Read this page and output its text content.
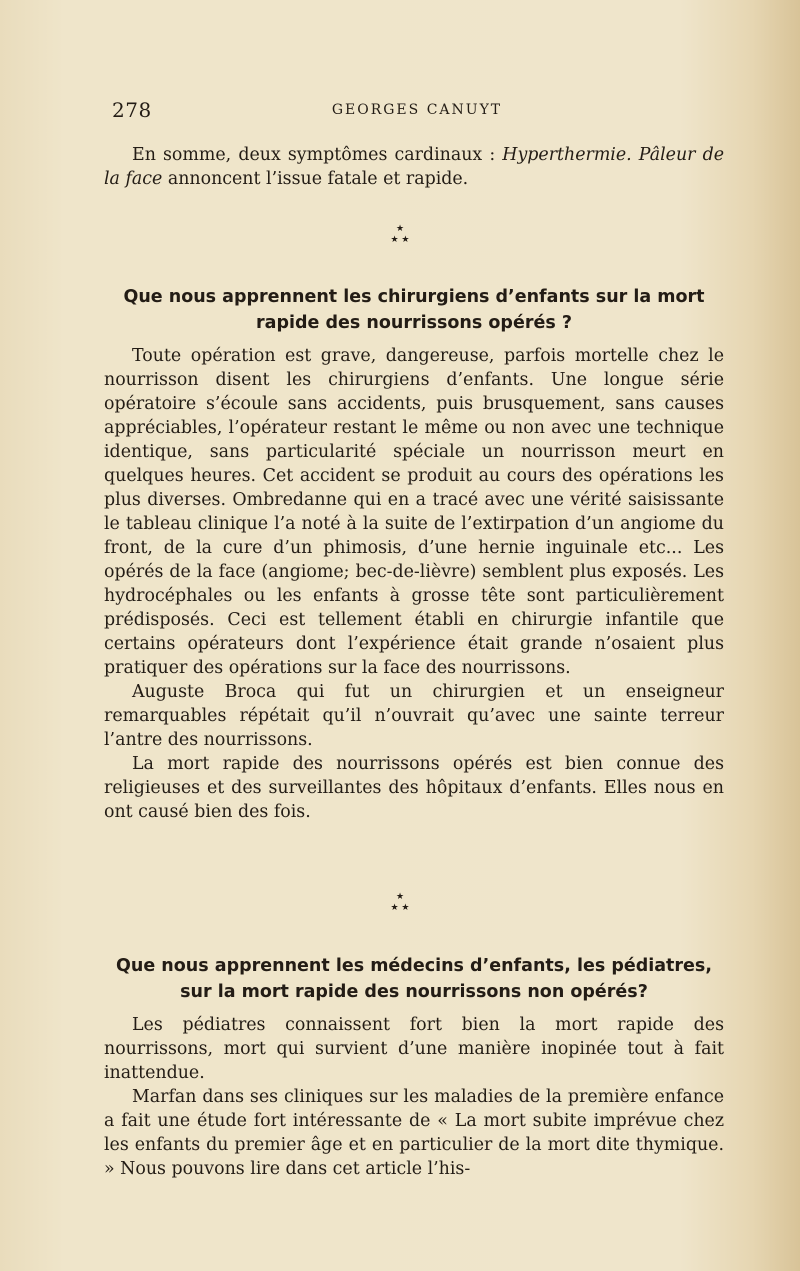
278	GEORGES CANUYT

En somme, deux symptômes cardinaux : Hyperthermie. Pâleur de la face annoncent l’issue fatale et rapide.

★
★ ★
Que nous apprennent les chirurgiens d’enfants sur la mort rapide des nourrissons opérés ?

Toute opération est grave, dangereuse, parfois mortelle chez le nourrisson disent les chirurgiens d’enfants. Une longue série opératoire s’écoule sans accidents, puis brusquement, sans causes appréciables, l’opérateur restant le même ou non avec une technique identique, sans particularité spéciale un nourrisson meurt en quelques heures. Cet accident se produit au cours des opérations les plus diverses. Ombredanne qui en a tracé avec une vérité saisissante le tableau clinique l’a noté à la suite de l’extirpation d’un angiome du front, de la cure d’un phimosis, d’une hernie inguinale etc... Les opérés de la face (angiome; bec-de-lièvre) semblent plus exposés. Les hydrocéphales ou les enfants à grosse tête sont particulièrement prédisposés. Ceci est tellement établi en chirurgie infantile que certains opérateurs dont l’expérience était grande n’osaient plus pratiquer des opérations sur la face des nourrissons.

Auguste Broca qui fut un chirurgien et un enseigneur remarquables répétait qu’il n’ouvrait qu’avec une sainte terreur l’antre des nourrissons.

La mort rapide des nourrissons opérés est bien connue des religieuses et des surveillantes des hôpitaux d’enfants. Elles nous en ont causé bien des fois.

★
★ ★
Que nous apprennent les médecins d’enfants, les pédiatres, sur la mort rapide des nourrissons non opérés?

Les pédiatres connaissent fort bien la mort rapide des nourrissons, mort qui survient d’une manière inopinée tout à fait inattendue.

Marfan dans ses cliniques sur les maladies de la première enfance a fait une étude fort intéressante de « La mort subite imprévue chez les enfants du premier âge et en particulier de la mort dite thymique. » Nous pouvons lire dans cet article l’his-
